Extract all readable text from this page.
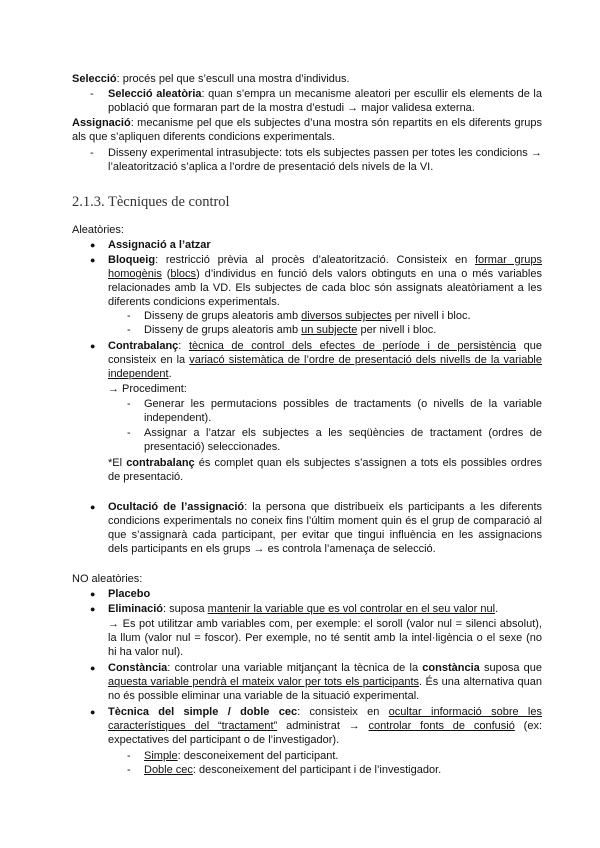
Selecció: procés pel que s’escull una mostra d’individus.
- Selecció aleatòria: quan s’empra un mecanisme aleatori per escullir els elements de la
població que formaran part de la mostra d’estudi → major validesa externa.
Assignació: mecanisme pel que els subjectes d’una mostra són repartits en els diferents grups
als que s’apliquen diferents condicions experimentals.
- Disseny experimental intrasubjecte: tots els subjectes passen per totes les condicions →
l’aleatorització s’aplica a l’ordre de presentació dels nivels de la VI.
2.1.3. Tècniques de control
Aleatòries:
● Assignació a l’atzar
● Bloqueig: restricció prèvia al procès d’aleatorització. Consisteix en formar grups
homogènis (blocs) d’individus en funció dels valors obtinguts en una o més variables
relacionades amb la VD. Els subjectes de cada bloc són assignats aleatòriament a les
diferents condicions experimentals.
- Disseny de grups aleatoris amb diversos subjectes per nivell i bloc.
- Disseny de grups aleatoris amb un subjecte per nivell i bloc.
● Contrabalanç: tècnica de control dels efectes de període i de persistència que
consisteix en la variacó sistemàtica de l’ordre de presentació dels nivells de la variable
independent.
→ Procediment:
- Generar les permutacions possibles de tractaments (o nivells de la variable
independent).
- Assignar a l’atzar els subjectes a les seqüències de tractament (ordres de
presentació) seleccionades.
*El contrabalanç és complet quan els subjectes s’assignen a tots els possibles ordres
de presentació.
● Ocultació de l’assignació: la persona que distribueix els participants a les diferents
condicions experimentals no coneix fins l’últim moment quin és el grup de comparació al
que s’assignarà cada participant, per evitar que tingui influència en les assignacions
dels participants en els grups → es controla l’amenaça de selecció.
NO aleatòries:
● Placebo
● Eliminació: suposa mantenir la variable que es vol controlar en el seu valor nul.
→ Es pot utilitzar amb variables com, per exemple: el soroll (valor nul = silenci absolut),
la llum (valor nul = foscor). Per exemple, no té sentit amb la intel·ligència o el sexe (no
hi ha valor nul).
● Constància: controlar una variable mitjançant la tècnica de la constància suposa que
aquesta variable pendrà el mateix valor per tots els participants. És una alternativa quan
no és possible eliminar una variable de la situació experimental.
● Tècnica del simple / doble cec: consisteix en ocultar informació sobre les
característiques del “tractament” administrat → controlar fonts de confusió (ex:
expectatives del participant o de l’investigador).
- Simple: desconeixement del participant.
- Doble cec: desconeixement del participant i de l’investigador.
